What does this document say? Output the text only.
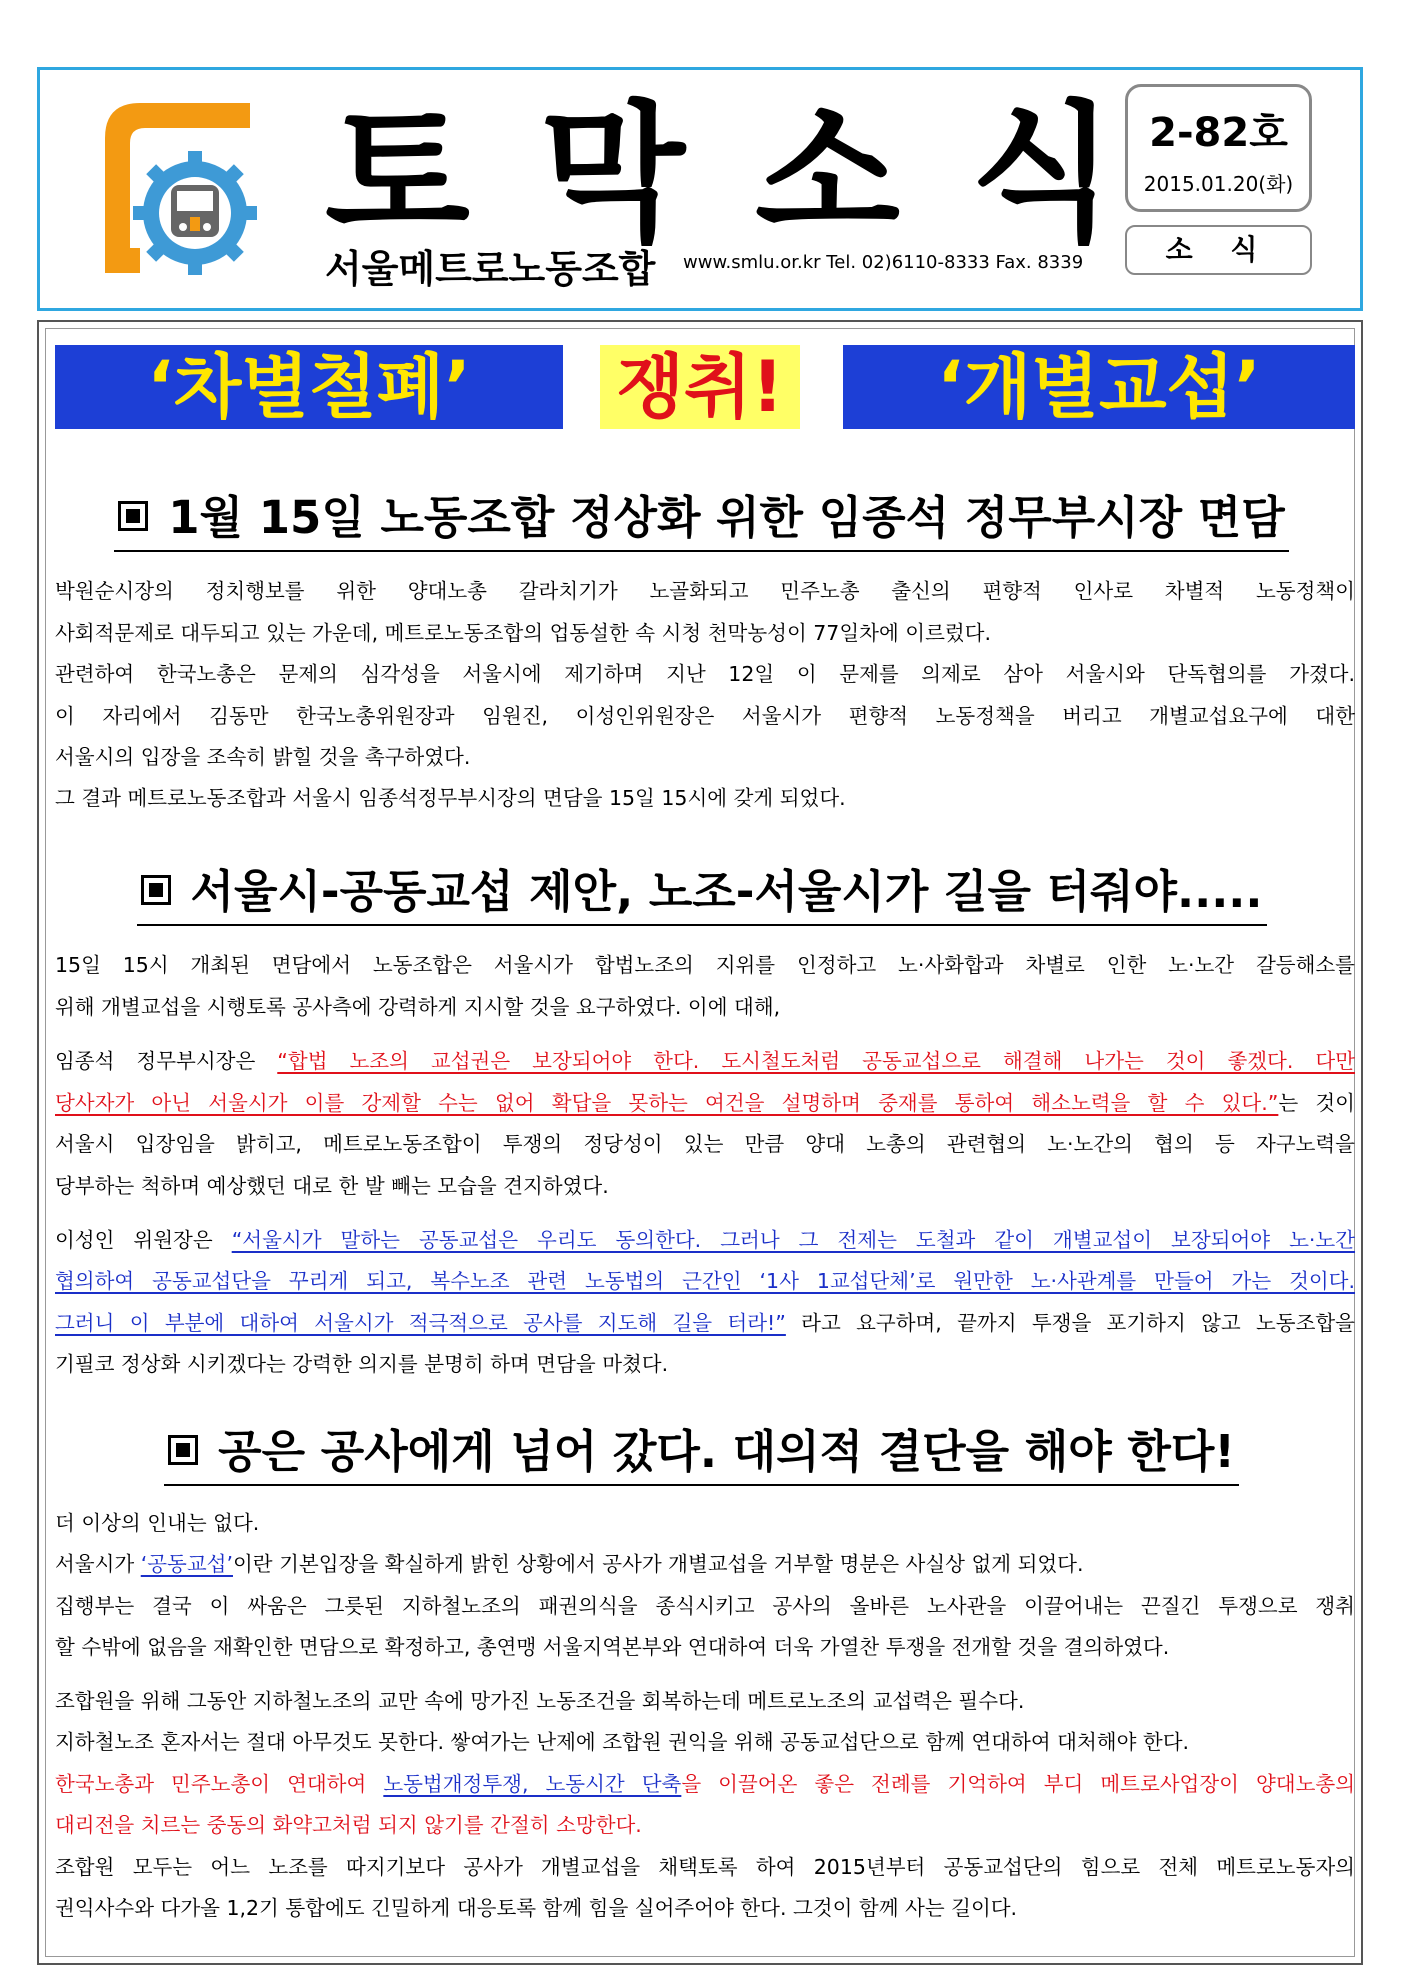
토 막 소 식
서울메트로노동조합 www.smlu.or.kr Tel. 02)6110-8333 Fax. 8339
2-82호
2015.01.20(화)
소 식
‘차별철폐’	쟁취!	‘개별교섭’
1월 15일 노동조합 정상화 위한 임종석 정무부시장 면담
박원순시장의 정치행보를 위한 양대노총 갈라치기가 노골화되고 민주노총 출신의 편향적 인사로 차별적 노동정책이
사회적문제로 대두되고 있는 가운데, 메트로노동조합의 업동설한 속 시청 천막농성이 77일차에 이르렀다.
관련하여 한국노총은 문제의 심각성을 서울시에 제기하며 지난 12일 이 문제를 의제로 삼아 서울시와 단독협의를 가졌다.
이 자리에서 김동만 한국노총위원장과 임원진, 이성인위원장은 서울시가 편향적 노동정책을 버리고 개별교섭요구에 대한
서울시의 입장을 조속히 밝힐 것을 촉구하였다.
그 결과 메트로노동조합과 서울시 임종석정무부시장의 면담을 15일 15시에 갖게 되었다.
서울시-공동교섭 제안, 노조-서울시가 길을 터줘야.....
15일 15시 개최된 면담에서 노동조합은 서울시가 합법노조의 지위를 인정하고 노·사화합과 차별로 인한 노·노간 갈등해소를
위해 개별교섭을 시행토록 공사측에 강력하게 지시할 것을 요구하였다. 이에 대해,
임종석 정무부시장은 “합법 노조의 교섭권은 보장되어야 한다. 도시철도처럼 공동교섭으로 해결해 나가는 것이 좋겠다. 다만
당사자가 아닌 서울시가 이를 강제할 수는 없어 확답을 못하는 여건을 설명하며 중재를 통하여 해소노력을 할 수 있다.”는 것이
서울시 입장임을 밝히고, 메트로노동조합이 투쟁의 정당성이 있는 만큼 양대 노총의 관련협의 노·노간의 협의 등 자구노력을
당부하는 척하며 예상했던 대로 한 발 빼는 모습을 견지하였다.
이성인 위원장은 “서울시가 말하는 공동교섭은 우리도 동의한다. 그러나 그 전제는 도철과 같이 개별교섭이 보장되어야 노·노간
협의하여 공동교섭단을 꾸리게 되고, 복수노조 관련 노동법의 근간인 ‘1사 1교섭단체’로 원만한 노·사관계를 만들어 가는 것이다.
그러니 이 부분에 대하여 서울시가 적극적으로 공사를 지도해 길을 터라!” 라고 요구하며, 끝까지 투쟁을 포기하지 않고 노동조합을
기필코 정상화 시키겠다는 강력한 의지를 분명히 하며 면담을 마쳤다.
공은 공사에게 넘어 갔다. 대의적 결단을 해야 한다!
더 이상의 인내는 없다.
서울시가 ‘공동교섭’이란 기본입장을 확실하게 밝힌 상황에서 공사가 개별교섭을 거부할 명분은 사실상 없게 되었다.
집행부는 결국 이 싸움은 그릇된 지하철노조의 패권의식을 종식시키고 공사의 올바른 노사관을 이끌어내는 끈질긴 투쟁으로 쟁취
할 수밖에 없음을 재확인한 면담으로 확정하고, 총연맹 서울지역본부와 연대하여 더욱 가열찬 투쟁을 전개할 것을 결의하였다.
조합원을 위해 그동안 지하철노조의 교만 속에 망가진 노동조건을 회복하는데 메트로노조의 교섭력은 필수다.
지하철노조 혼자서는 절대 아무것도 못한다. 쌓여가는 난제에 조합원 권익을 위해 공동교섭단으로 함께 연대하여 대처해야 한다.
한국노총과 민주노총이 연대하여 노동법개정투쟁, 노동시간 단축을 이끌어온 좋은 전례를 기억하여 부디 메트로사업장이 양대노총의
대리전을 치르는 중동의 화약고처럼 되지 않기를 간절히 소망한다.
조합원 모두는 어느 노조를 따지기보다 공사가 개별교섭을 채택토록 하여 2015년부터 공동교섭단의 힘으로 전체 메트로노동자의
권익사수와 다가올 1,2기 통합에도 긴밀하게 대응토록 함께 힘을 실어주어야 한다. 그것이 함께 사는 길이다.
